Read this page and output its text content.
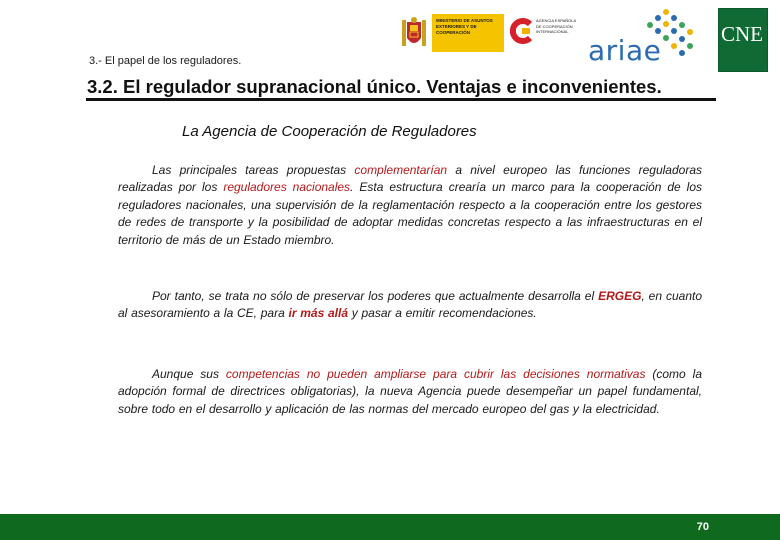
MINISTERIO DE ASUNTOS EXTERIORES Y DE COOPERACIÓN
AGENCIA ESPAÑOLA DE COOPERACIÓN INTERNACIONAL
ariae	CNE
3.- El papel de los reguladores.
3.2. El regulador supranacional único. Ventajas e inconvenientes.
La Agencia de Cooperación de Reguladores
Las principales tareas propuestas complementarían a nivel europeo las funciones reguladoras realizadas por los reguladores nacionales. Esta estructura crearía un marco para la cooperación de los reguladores nacionales, una supervisión de la reglamentación respecto a la cooperación entre los gestores de redes de transporte y la posibilidad de adoptar medidas concretas respecto a las infraestructuras en el territorio de más de un Estado miembro.
Por tanto, se trata no sólo de preservar los poderes que actualmente desarrolla el ERGEG, en cuanto al asesoramiento a la CE, para ir más allá y pasar a emitir recomendaciones.
Aunque sus competencias no pueden ampliarse para cubrir las decisiones normativas (como la adopción formal de directrices obligatorias), la nueva Agencia puede desempeñar un papel fundamental, sobre todo en el desarrollo y aplicación de las normas del mercado europeo del gas y la electricidad.
70
